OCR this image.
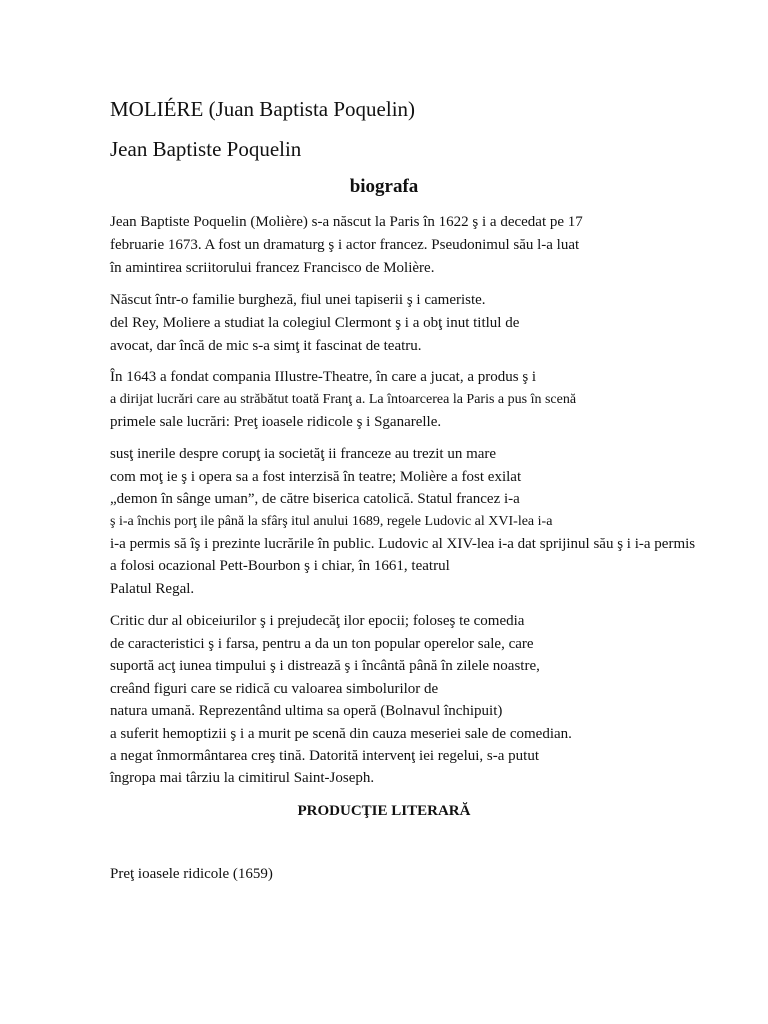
MOLIÉRE (Juan Baptista Poquelin)
Jean Baptiste Poquelin
biografa
Jean Baptiste Poquelin (Molière) s-a născut la Paris în 1622 ş i a decedat pe 17
februarie 1673. A fost un dramaturg ş i actor francez. Pseudonimul său l-a luat
în amintirea scriitorului francez Francisco de Molière.
Născut într-o familie burgheză, fiul unei tapiserii ş i cameriste.
del Rey, Moliere a studiat la colegiul Clermont ş i a obţ inut titlul de
avocat, dar încă de mic s-a simţ it fascinat de teatru.
În 1643 a fondat compania IIlustre-Theatre, în care a jucat, a produs ş i
a dirijat lucrări care au străbătut toată Franţ a. La întoarcerea la Paris a pus în scenă
primele sale lucrări: Preţ ioasele ridicole ş i Sganarelle.
susţ inerile despre corupţ ia societăţ ii franceze au trezit un mare
com moţ ie ş i opera sa a fost interzisă în teatre; Molière a fost exilat
„demon în sânge uman”, de către biserica catolică. Statul francez i-a
ş i-a închis porţ ile până la sfârş itul anului 1689, regele Ludovic al XVI-lea i-a
i-a permis să îş i prezinte lucrările în public. Ludovic al XIV-lea i-a dat sprijinul său ş i i-a permis
a folosi ocazional Pett-Bourbon ş i chiar, în 1661, teatrul
Palatul Regal.
Critic dur al obiceiurilor ş i prejudecăţ ilor epocii; foloseş te comedia
de caracteristici ş i farsa, pentru a da un ton popular operelor sale, care
suportă acţ iunea timpului ş i distrează ş i încântă până în zilele noastre,
creând figuri care se ridică cu valoarea simbolurilor de
natura umană. Reprezentând ultima sa operă (Bolnavul închipuit)
a suferit hemoptizii ş i a murit pe scenă din cauza meseriei sale de comedian.
a negat înmormântarea creş tină. Datorită intervenţ iei regelui, s-a putut
îngropa mai târziu la cimitirul Saint-Joseph.
PRODUCŢIE LITERARĂ
Preţ ioasele ridicole (1659)
